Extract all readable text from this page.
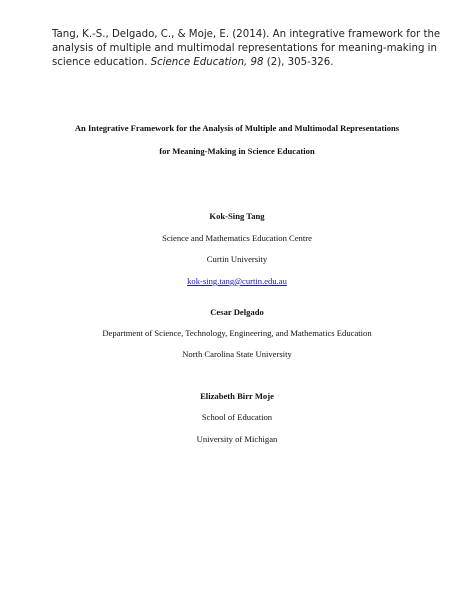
Tang, K.-S., Delgado, C., & Moje, E. (2014). An integrative framework for the
analysis of multiple and multimodal representations for meaning-making in
science education. Science Education, 98 (2), 305-326.
An Integrative Framework for the Analysis of Multiple and Multimodal Representations
for Meaning-Making in Science Education
Kok-Sing Tang
Science and Mathematics Education Centre
Curtin University
kok-sing.tang@curtin.edu.au
Cesar Delgado
Department of Science, Technology, Engineering, and Mathematics Education
North Carolina State University
Elizabeth Birr Moje
School of Education
University of Michigan
